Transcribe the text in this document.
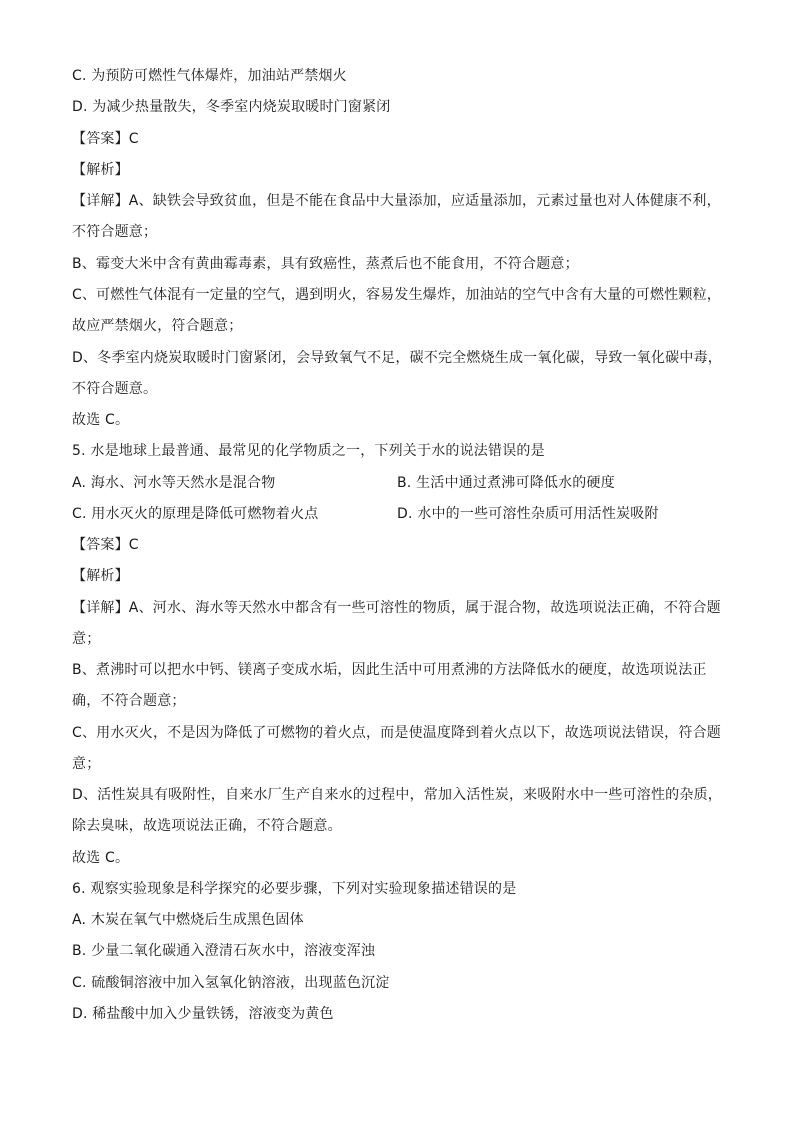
C. 为预防可燃性气体爆炸，加油站严禁烟火
D. 为减少热量散失，冬季室内烧炭取暖时门窗紧闭
【答案】C
【解析】
【详解】A、缺铁会导致贫血，但是不能在食品中大量添加，应适量添加，元素过量也对人体健康不利，
不符合题意；
B、霉变大米中含有黄曲霉毒素，具有致癌性，蒸煮后也不能食用，不符合题意；
C、可燃性气体混有一定量的空气，遇到明火，容易发生爆炸，加油站的空气中含有大量的可燃性颗粒，
故应严禁烟火，符合题意；
D、冬季室内烧炭取暖时门窗紧闭，会导致氧气不足，碳不完全燃烧生成一氧化碳，导致一氧化碳中毒，
不符合题意。
故选 C。
5. 水是地球上最普通、最常见的化学物质之一，下列关于水的说法错误的是
A. 海水、河水等天然水是混合物	B. 生活中通过煮沸可降低水的硬度
C. 用水灭火的原理是降低可燃物着火点	D. 水中的一些可溶性杂质可用活性炭吸附
【答案】C
【解析】
【详解】A、河水、海水等天然水中都含有一些可溶性的物质，属于混合物，故选项说法正确，不符合题
意；
B、煮沸时可以把水中钙、镁离子变成水垢，因此生活中可用煮沸的方法降低水的硬度，故选项说法正
确，不符合题意；
C、用水灭火，不是因为降低了可燃物的着火点，而是使温度降到着火点以下，故选项说法错误，符合题
意；
D、活性炭具有吸附性，自来水厂生产自来水的过程中，常加入活性炭，来吸附水中一些可溶性的杂质，
除去臭味，故选项说法正确，不符合题意。
故选 C。
6. 观察实验现象是科学探究的必要步骤，下列对实验现象描述错误的是
A. 木炭在氧气中燃烧后生成黑色固体
B. 少量二氧化碳通入澄清石灰水中，溶液变浑浊
C. 硫酸铜溶液中加入氢氧化钠溶液，出现蓝色沉淀
D. 稀盐酸中加入少量铁锈，溶液变为黄色
